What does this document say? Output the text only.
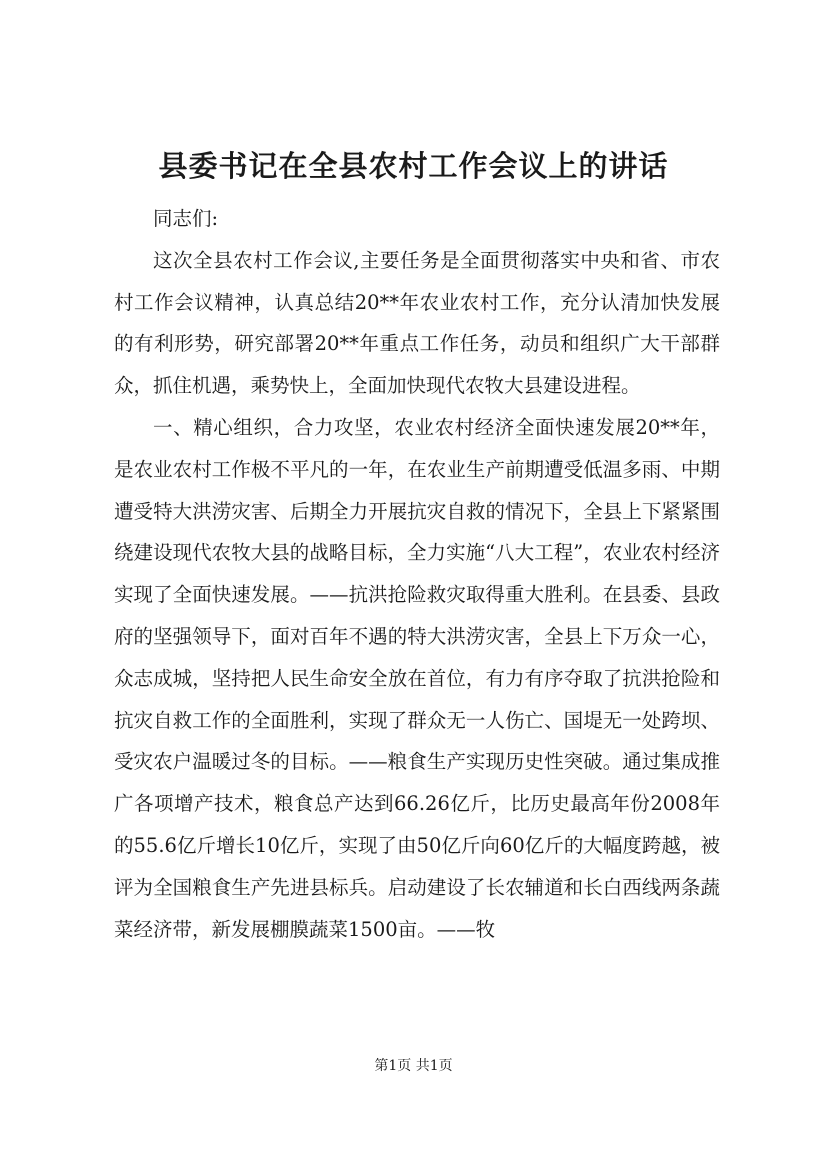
县委书记在全县农村工作会议上的讲话

同志们:

这次全县农村工作会议,主要任务是全面贯彻落实中央和省、市农村工作会议精神，认真总结20**年农业农村工作，充分认清加快发展的有利形势，研究部署20**年重点工作任务，动员和组织广大干部群众，抓住机遇，乘势快上，全面加快现代农牧大县建设进程。

一、精心组织，合力攻坚，农业农村经济全面快速发展20**年，是农业农村工作极不平凡的一年，在农业生产前期遭受低温多雨、中期遭受特大洪涝灾害、后期全力开展抗灾自救的情况下，全县上下紧紧围绕建设现代农牧大县的战略目标，全力实施“八大工程”，农业农村经济实现了全面快速发展。——抗洪抢险救灾取得重大胜利。在县委、县政府的坚强领导下，面对百年不遇的特大洪涝灾害，全县上下万众一心，众志成城，坚持把人民生命安全放在首位，有力有序夺取了抗洪抢险和抗灾自救工作的全面胜利，实现了群众无一人伤亡、国堤无一处跨坝、受灾农户温暖过冬的目标。——粮食生产实现历史性突破。通过集成推广各项增产技术，粮食总产达到66.26亿斤，比历史最高年份2008年的55.6亿斤增长10亿斤，实现了由50亿斤向60亿斤的大幅度跨越，被评为全国粮食生产先进县标兵。启动建设了长农辅道和长白西线两条蔬菜经济带，新发展棚膜蔬菜1500亩。——牧

第1页 共1页
